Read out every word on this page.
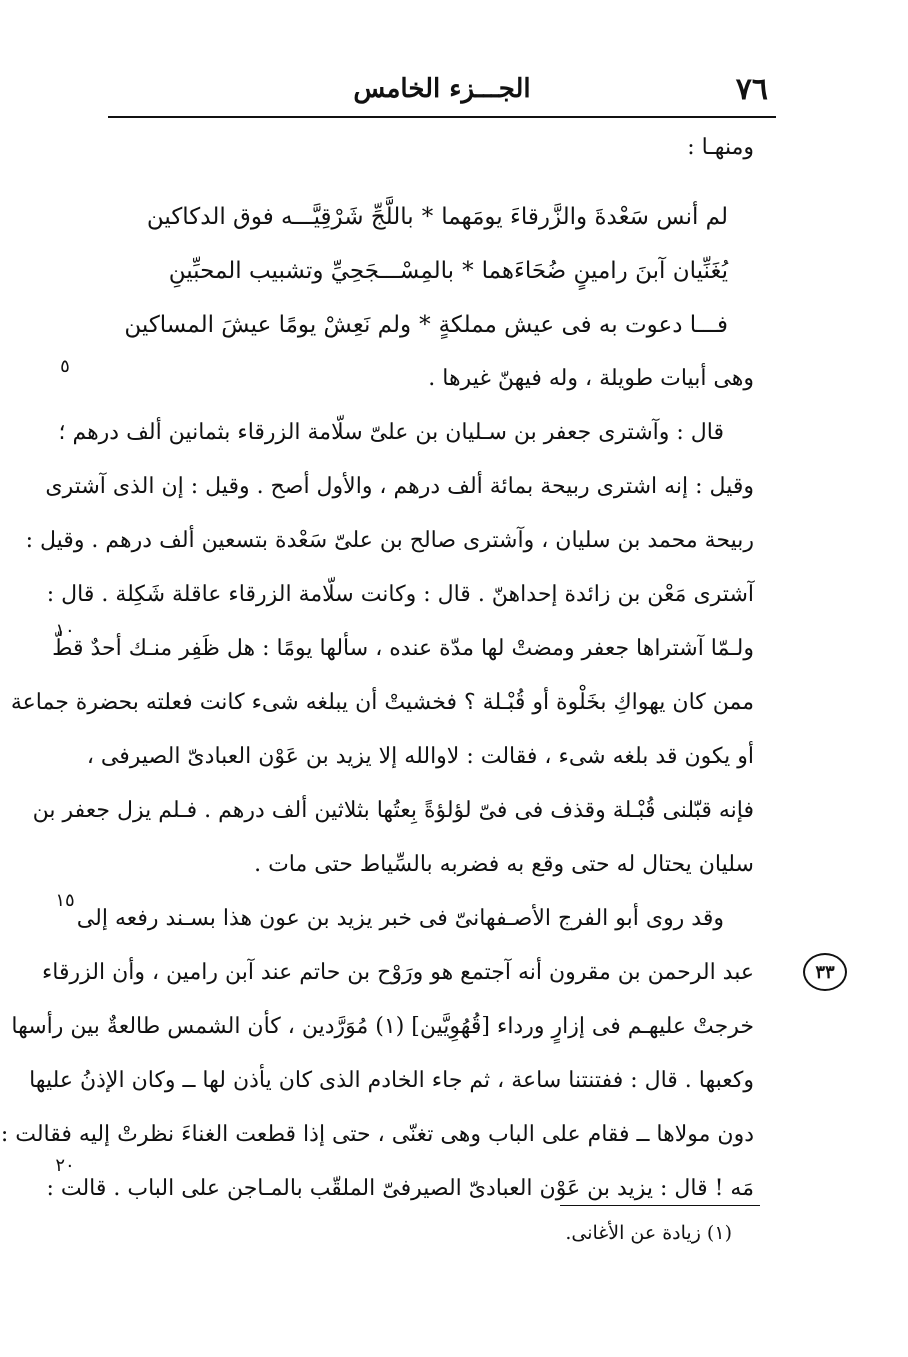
٧٦
الجـــزء الخامس
ومنهـا :
لم أنس سَعْدةَ والزَّرقاءَ يومَهما*باللَّجِّ شَرْقِيَّـــه فوق الدكاكين
يُغَنِّيان آبنَ رامينٍ ضُحَاءَهما*بالمِسْـــجَحِيِّ وتشبيب المحبِّينِ
فـــا دعوت به فى عيش مملكةٍ*ولم نَعِشْ يومًا عيشَ المساكين
وهى أبيات طويلة ، وله فيهنّ غيرها .
قال : وآشترى جعفر بن سـليان بن علىّ سلّامة الزرقاء بثمانين ألف درهم ؛
وقيل : إنه اشترى ربيحة بمائة ألف درهم ، والأول أصح . وقيل : إن الذى آشترى
ربيحة محمد بن سليان ، وآشترى صالح بن علىّ سَعْدة بتسعين ألف درهم . وقيل :
آشترى مَعْن بن زائدة إحداهنّ . قال : وكانت سلّامة الزرقاء عاقلة شَكِلة . قال :
ولـمّا آشتراها جعفر ومضتْ لها مدّة عنده ، سألها يومًا : هل ظَفِر منـك أحدٌ قطّ
ممن كان يهواكِ بخَلْوة أو قُبْـلة ؟ فخشيتْ أن يبلغه شىء كانت فعلته بحضرة جماعة
أو يكون قد بلغه شىء ، فقالت : لاوالله إلا يزيد بن عَوْن العبادىّ الصيرفى ،
فإنه قبّلنى قُبْـلة وقذف فى فىّ لؤلؤةً بِعتُها بثلاثين ألف درهم . فـلم يزل جعفر بن
سليان يحتال له حتى وقع به فضربه بالسِّياط حتى مات .
وقد روى أبو الفرج الأصـفهانىّ فى خبر يزيد بن عون هذا بسـند رفعه إلى
عبد الرحمن بن مقرون أنه آجتمع هو ورَوْح بن حاتم عند آبن رامين ، وأن الزرقاء
خرجتْ عليهـم فى إزارٍ ورداء [قُهُوِيَّين] (١) مُوَرَّدين ، كأن الشمس طالعةٌ بين رأسها
وكعبها . قال : ففتنتنا ساعة ، ثم جاء الخادم الذى كان يأذن لها ــ وكان الإذنُ عليها
دون مولاها ــ فقام على الباب وهى تغنّى ، حتى إذا قطعت الغناءَ نظرتْ إليه فقالت :
مَه ! قال : يزيد بن عَوْن العبادىّ الصيرفىّ الملقّب بالمـاجن على الباب . قالت :
٥
١٠
١٥
٢٠
٣٣
(١) زيادة عن الأغانى.
